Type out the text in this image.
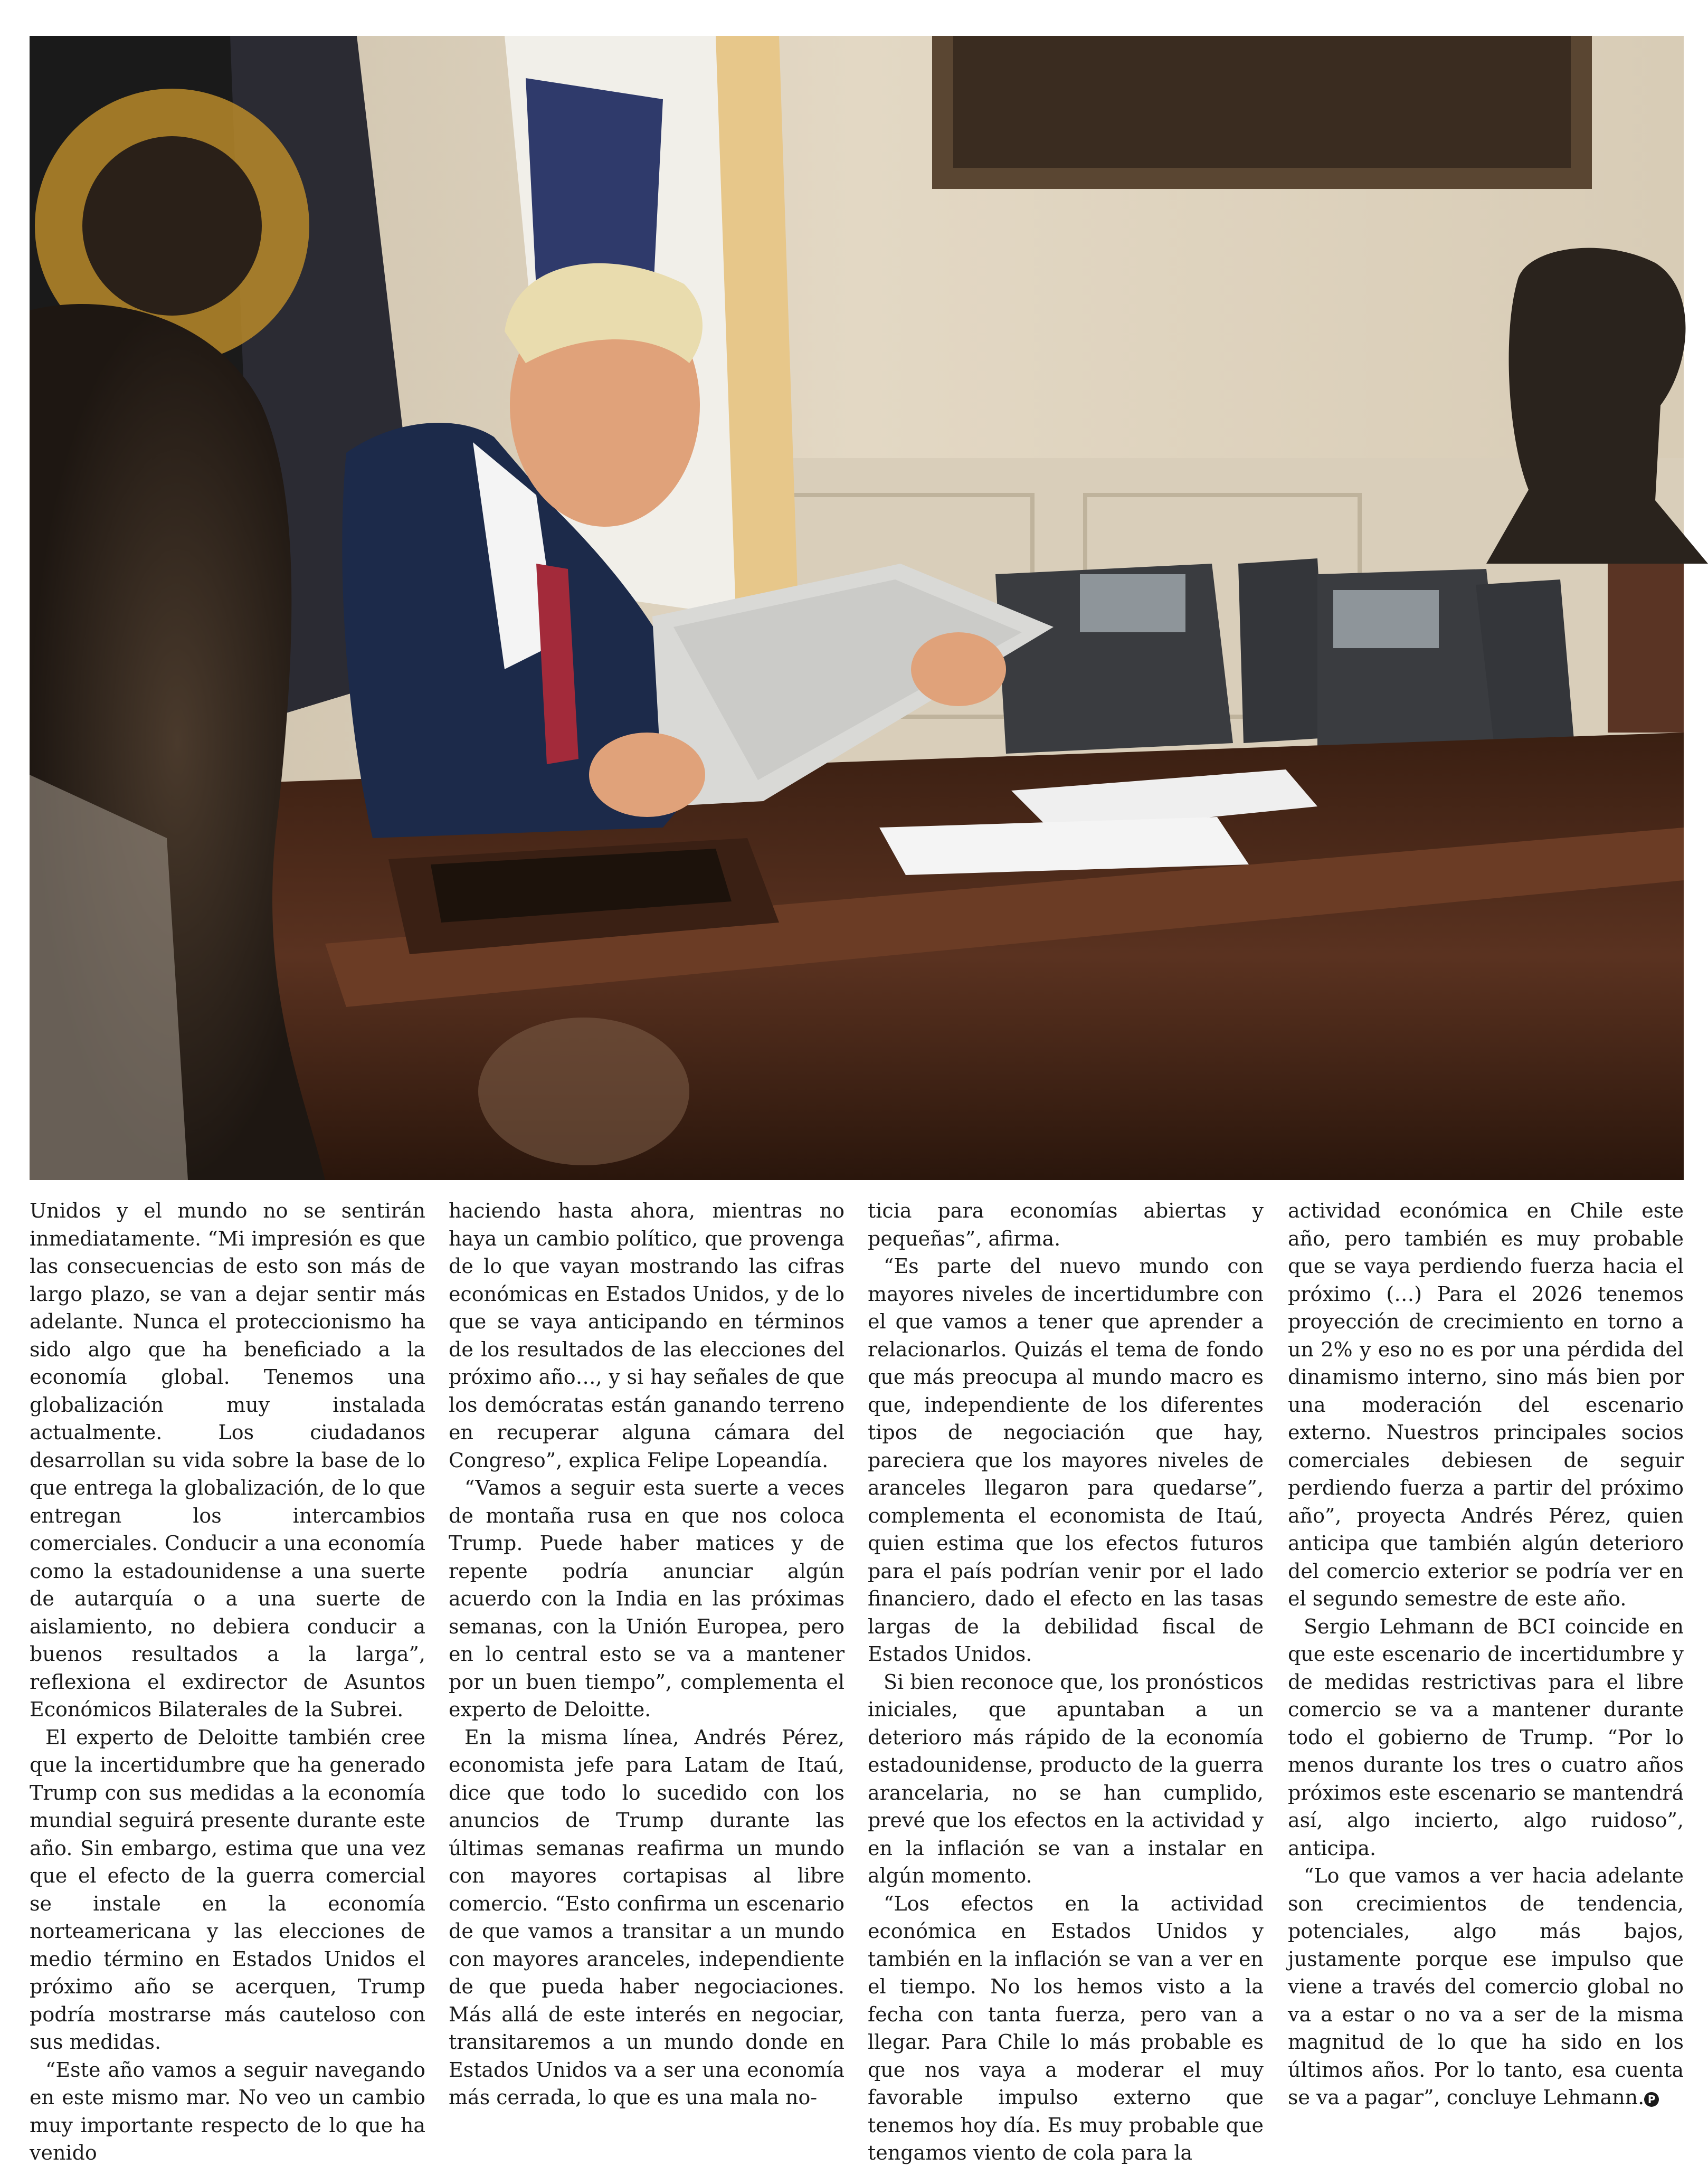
Unidos y el mundo no se sentirán inmediatamente. “Mi impresión es que las consecuencias de esto son más de largo plazo, se van a dejar sentir más adelante. Nunca el proteccionismo ha sido algo que ha beneficiado a la economía global. Tenemos una globalización muy instalada actualmente. Los ciudadanos desarrollan su vida sobre la base de lo que entrega la globalización, de lo que entregan los intercambios comerciales. Conducir a una economía como la estadounidense a una suerte de autarquía o a una suerte de aislamiento, no debiera conducir a buenos resultados a la larga”, reflexiona el exdirector de Asuntos Económicos Bilaterales de la Subrei.

El experto de Deloitte también cree que la incertidumbre que ha generado Trump con sus medidas a la economía mundial seguirá presente durante este año. Sin embargo, estima que una vez que el efecto de la guerra comercial se instale en la economía norteamericana y las elecciones de medio término en Estados Unidos el próximo año se acerquen, Trump podría mostrarse más cauteloso con sus medidas.

“Este año vamos a seguir navegando en este mismo mar. No veo un cambio muy importante respecto de lo que ha venido

haciendo hasta ahora, mientras no haya un cambio político, que provenga de lo que vayan mostrando las cifras económicas en Estados Unidos, y de lo que se vaya anticipando en términos de los resultados de las elecciones del próximo año…, y si hay señales de que los demócratas están ganando terreno en recuperar alguna cámara del Congreso”, explica Felipe Lopeandía.

“Vamos a seguir esta suerte a veces de montaña rusa en que nos coloca Trump. Puede haber matices y de repente podría anunciar algún acuerdo con la India en las próximas semanas, con la Unión Europea, pero en lo central esto se va a mantener por un buen tiempo”, complementa el experto de Deloitte.

En la misma línea, Andrés Pérez, economista jefe para Latam de Itaú, dice que todo lo sucedido con los anuncios de Trump durante las últimas semanas reafirma un mundo con mayores cortapisas al libre comercio. “Esto confirma un escenario de que vamos a transitar a un mundo con mayores aranceles, independiente de que pueda haber negociaciones. Más allá de este interés en negociar, transitaremos a un mundo donde en Estados Unidos va a ser una economía más cerrada, lo que es una mala no-

ticia para economías abiertas y pequeñas”, afirma.

“Es parte del nuevo mundo con mayores niveles de incertidumbre con el que vamos a tener que aprender a relacionarlos. Quizás el tema de fondo que más preocupa al mundo macro es que, independiente de los diferentes tipos de negociación que hay, pareciera que los mayores niveles de aranceles llegaron para quedarse”, complementa el economista de Itaú, quien estima que los efectos futuros para el país podrían venir por el lado financiero, dado el efecto en las tasas largas de la debilidad fiscal de Estados Unidos.

Si bien reconoce que, los pronósticos iniciales, que apuntaban a un deterioro más rápido de la economía estadounidense, producto de la guerra arancelaria, no se han cumplido, prevé que los efectos en la actividad y en la inflación se van a instalar en algún momento.

“Los efectos en la actividad económica en Estados Unidos y también en la inflación se van a ver en el tiempo. No los hemos visto a la fecha con tanta fuerza, pero van a llegar. Para Chile lo más probable es que nos vaya a moderar el muy favorable impulso externo que tenemos hoy día. Es muy probable que tengamos viento de cola para la

actividad económica en Chile este año, pero también es muy probable que se vaya perdiendo fuerza hacia el próximo (…) Para el 2026 tenemos proyección de crecimiento en torno a un 2% y eso no es por una pérdida del dinamismo interno, sino más bien por una moderación del escenario externo. Nuestros principales socios comerciales debiesen de seguir perdiendo fuerza a partir del próximo año”, proyecta Andrés Pérez, quien anticipa que también algún deterioro del comercio exterior se podría ver en el segundo semestre de este año.

Sergio Lehmann de BCI coincide en que este escenario de incertidumbre y de medidas restrictivas para el libre comercio se va a mantener durante todo el gobierno de Trump. “Por lo menos durante los tres o cuatro años próximos este escenario se mantendrá así, algo incierto, algo ruidoso”, anticipa.

“Lo que vamos a ver hacia adelante son crecimientos de tendencia, potenciales, algo más bajos, justamente porque ese impulso que viene a través del comercio global no va a estar o no va a ser de la misma magnitud de lo que ha sido en los últimos años. Por lo tanto, esa cuenta se va a pagar”, concluye Lehmann. P
